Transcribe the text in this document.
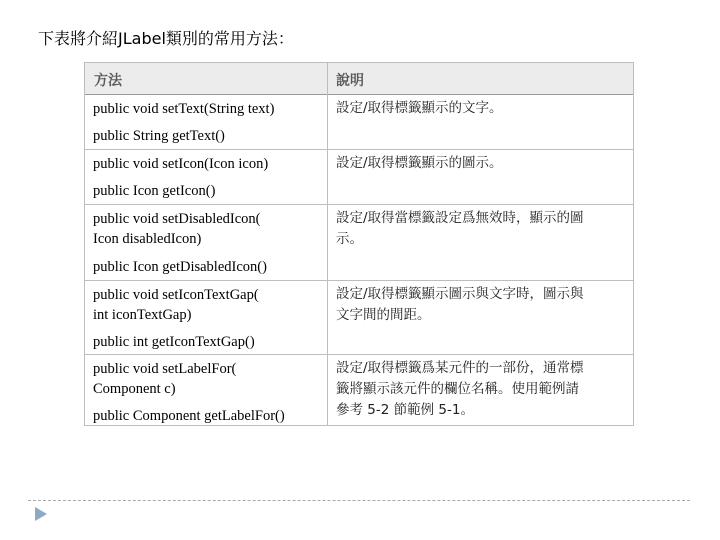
下表將介紹JLabel類別的常用方法：
方法	說明
public void setText(String text)
public String getText()
設定/取得標籤顯示的文字。
public void setIcon(Icon icon)
public Icon getIcon()
設定/取得標籤顯示的圖示。
public void setDisabledIcon(
Icon disabledIcon)
public Icon getDisabledIcon()
設定/取得當標籤設定爲無效時，顯示的圖
示。
public void setIconTextGap(
int iconTextGap)
public int getIconTextGap()
設定/取得標籤顯示圖示與文字時，圖示與
文字間的間距。
public void setLabelFor(
Component c)
public Component getLabelFor()
設定/取得標籤爲某元件的一部份，通常標
籤將顯示該元件的欄位名稱。使用範例請
參考 5-2 節範例 5-1。
